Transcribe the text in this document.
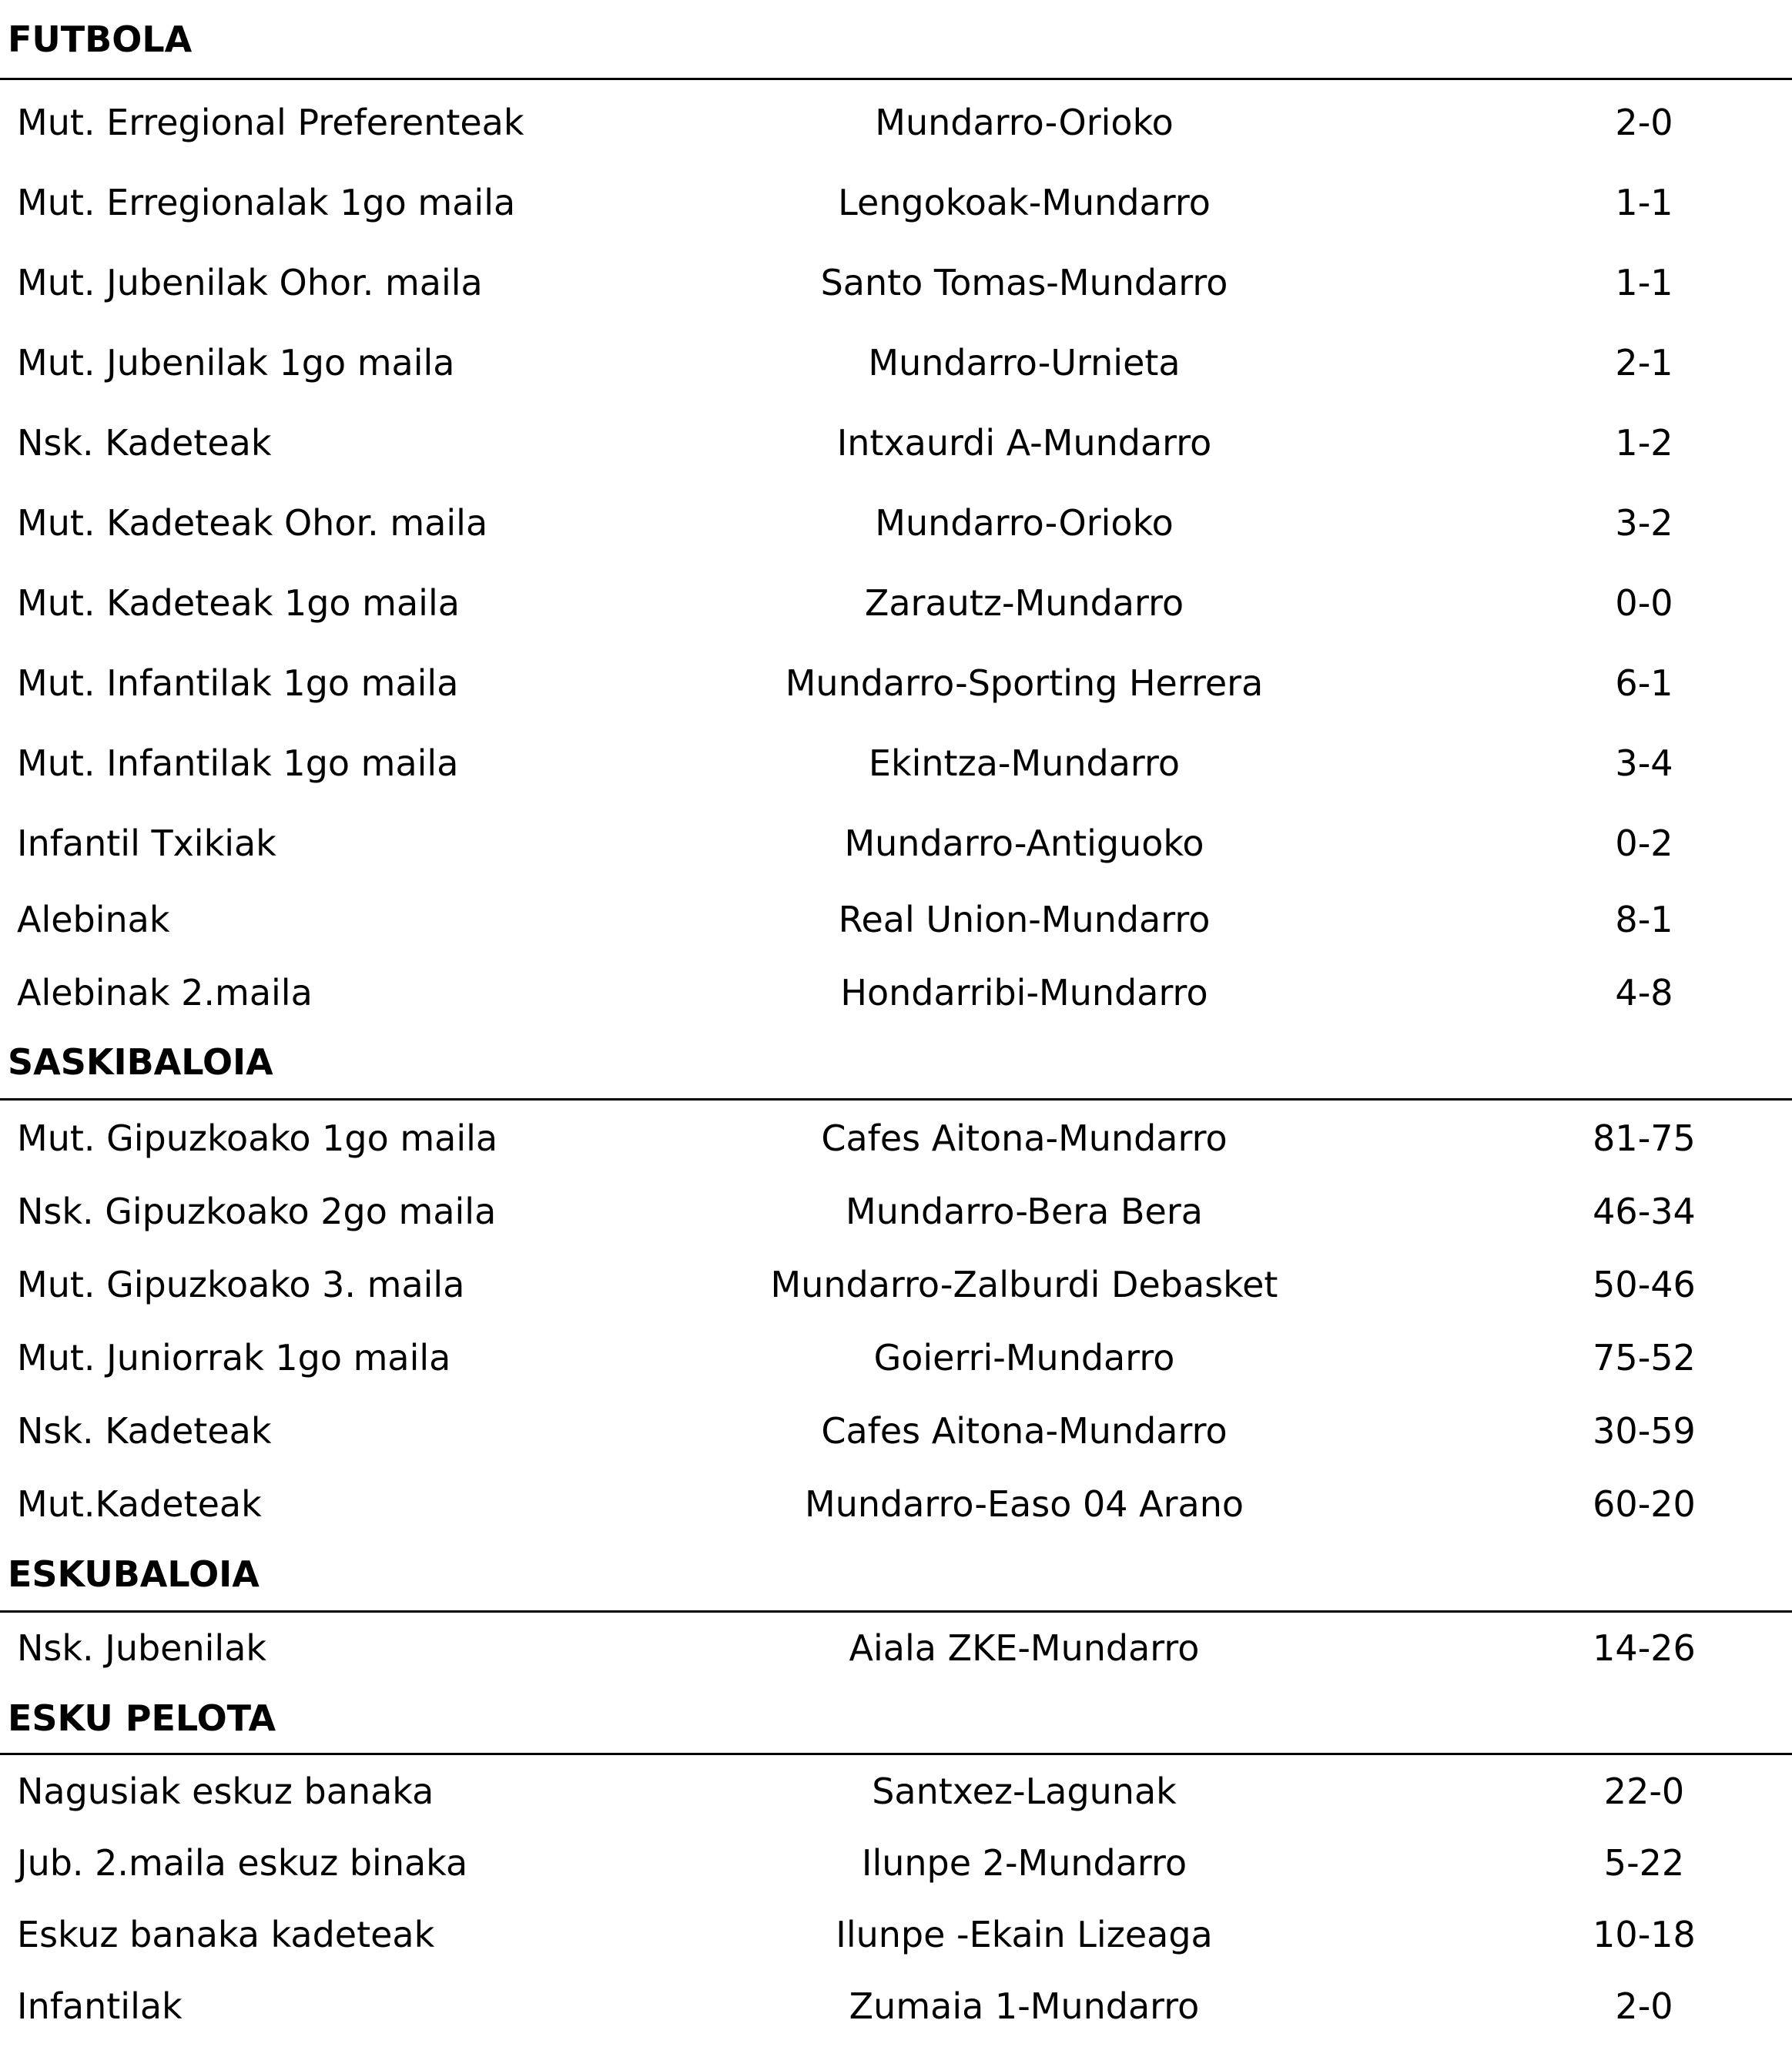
FUTBOLA
Mut. Erregional Preferenteak	Mundarro-Orioko	2-0
Mut. Erregionalak 1go maila	Lengokoak-Mundarro	1-1
Mut. Jubenilak Ohor. maila	Santo Tomas-Mundarro	1-1
Mut. Jubenilak 1go maila	Mundarro-Urnieta	2-1
Nsk. Kadeteak	Intxaurdi A-Mundarro	1-2
Mut. Kadeteak Ohor. maila	Mundarro-Orioko	3-2
Mut. Kadeteak 1go maila	Zarautz-Mundarro	0-0
Mut. Infantilak 1go maila	Mundarro-Sporting Herrera	6-1
Mut. Infantilak 1go maila	Ekintza-Mundarro	3-4
Infantil Txikiak	Mundarro-Antiguoko	0-2
Alebinak	Real Union-Mundarro	8-1
Alebinak 2.maila	Hondarribi-Mundarro	4-8
SASKIBALOIA
Mut. Gipuzkoako 1go maila	Cafes Aitona-Mundarro	81-75
Nsk. Gipuzkoako 2go maila	Mundarro-Bera Bera	46-34
Mut. Gipuzkoako 3. maila	Mundarro-Zalburdi Debasket	50-46
Mut. Juniorrak 1go maila	Goierri-Mundarro	75-52
Nsk. Kadeteak	Cafes Aitona-Mundarro	30-59
Mut.Kadeteak	Mundarro-Easo 04 Arano	60-20
ESKUBALOIA
Nsk. Jubenilak	Aiala ZKE-Mundarro	14-26
ESKU PELOTA
Nagusiak eskuz banaka	Santxez-Lagunak	22-0
Jub. 2.maila eskuz binaka	Ilunpe 2-Mundarro	5-22
Eskuz banaka kadeteak	Ilunpe -Ekain Lizeaga	10-18
Infantilak	Zumaia 1-Mundarro	2-0
